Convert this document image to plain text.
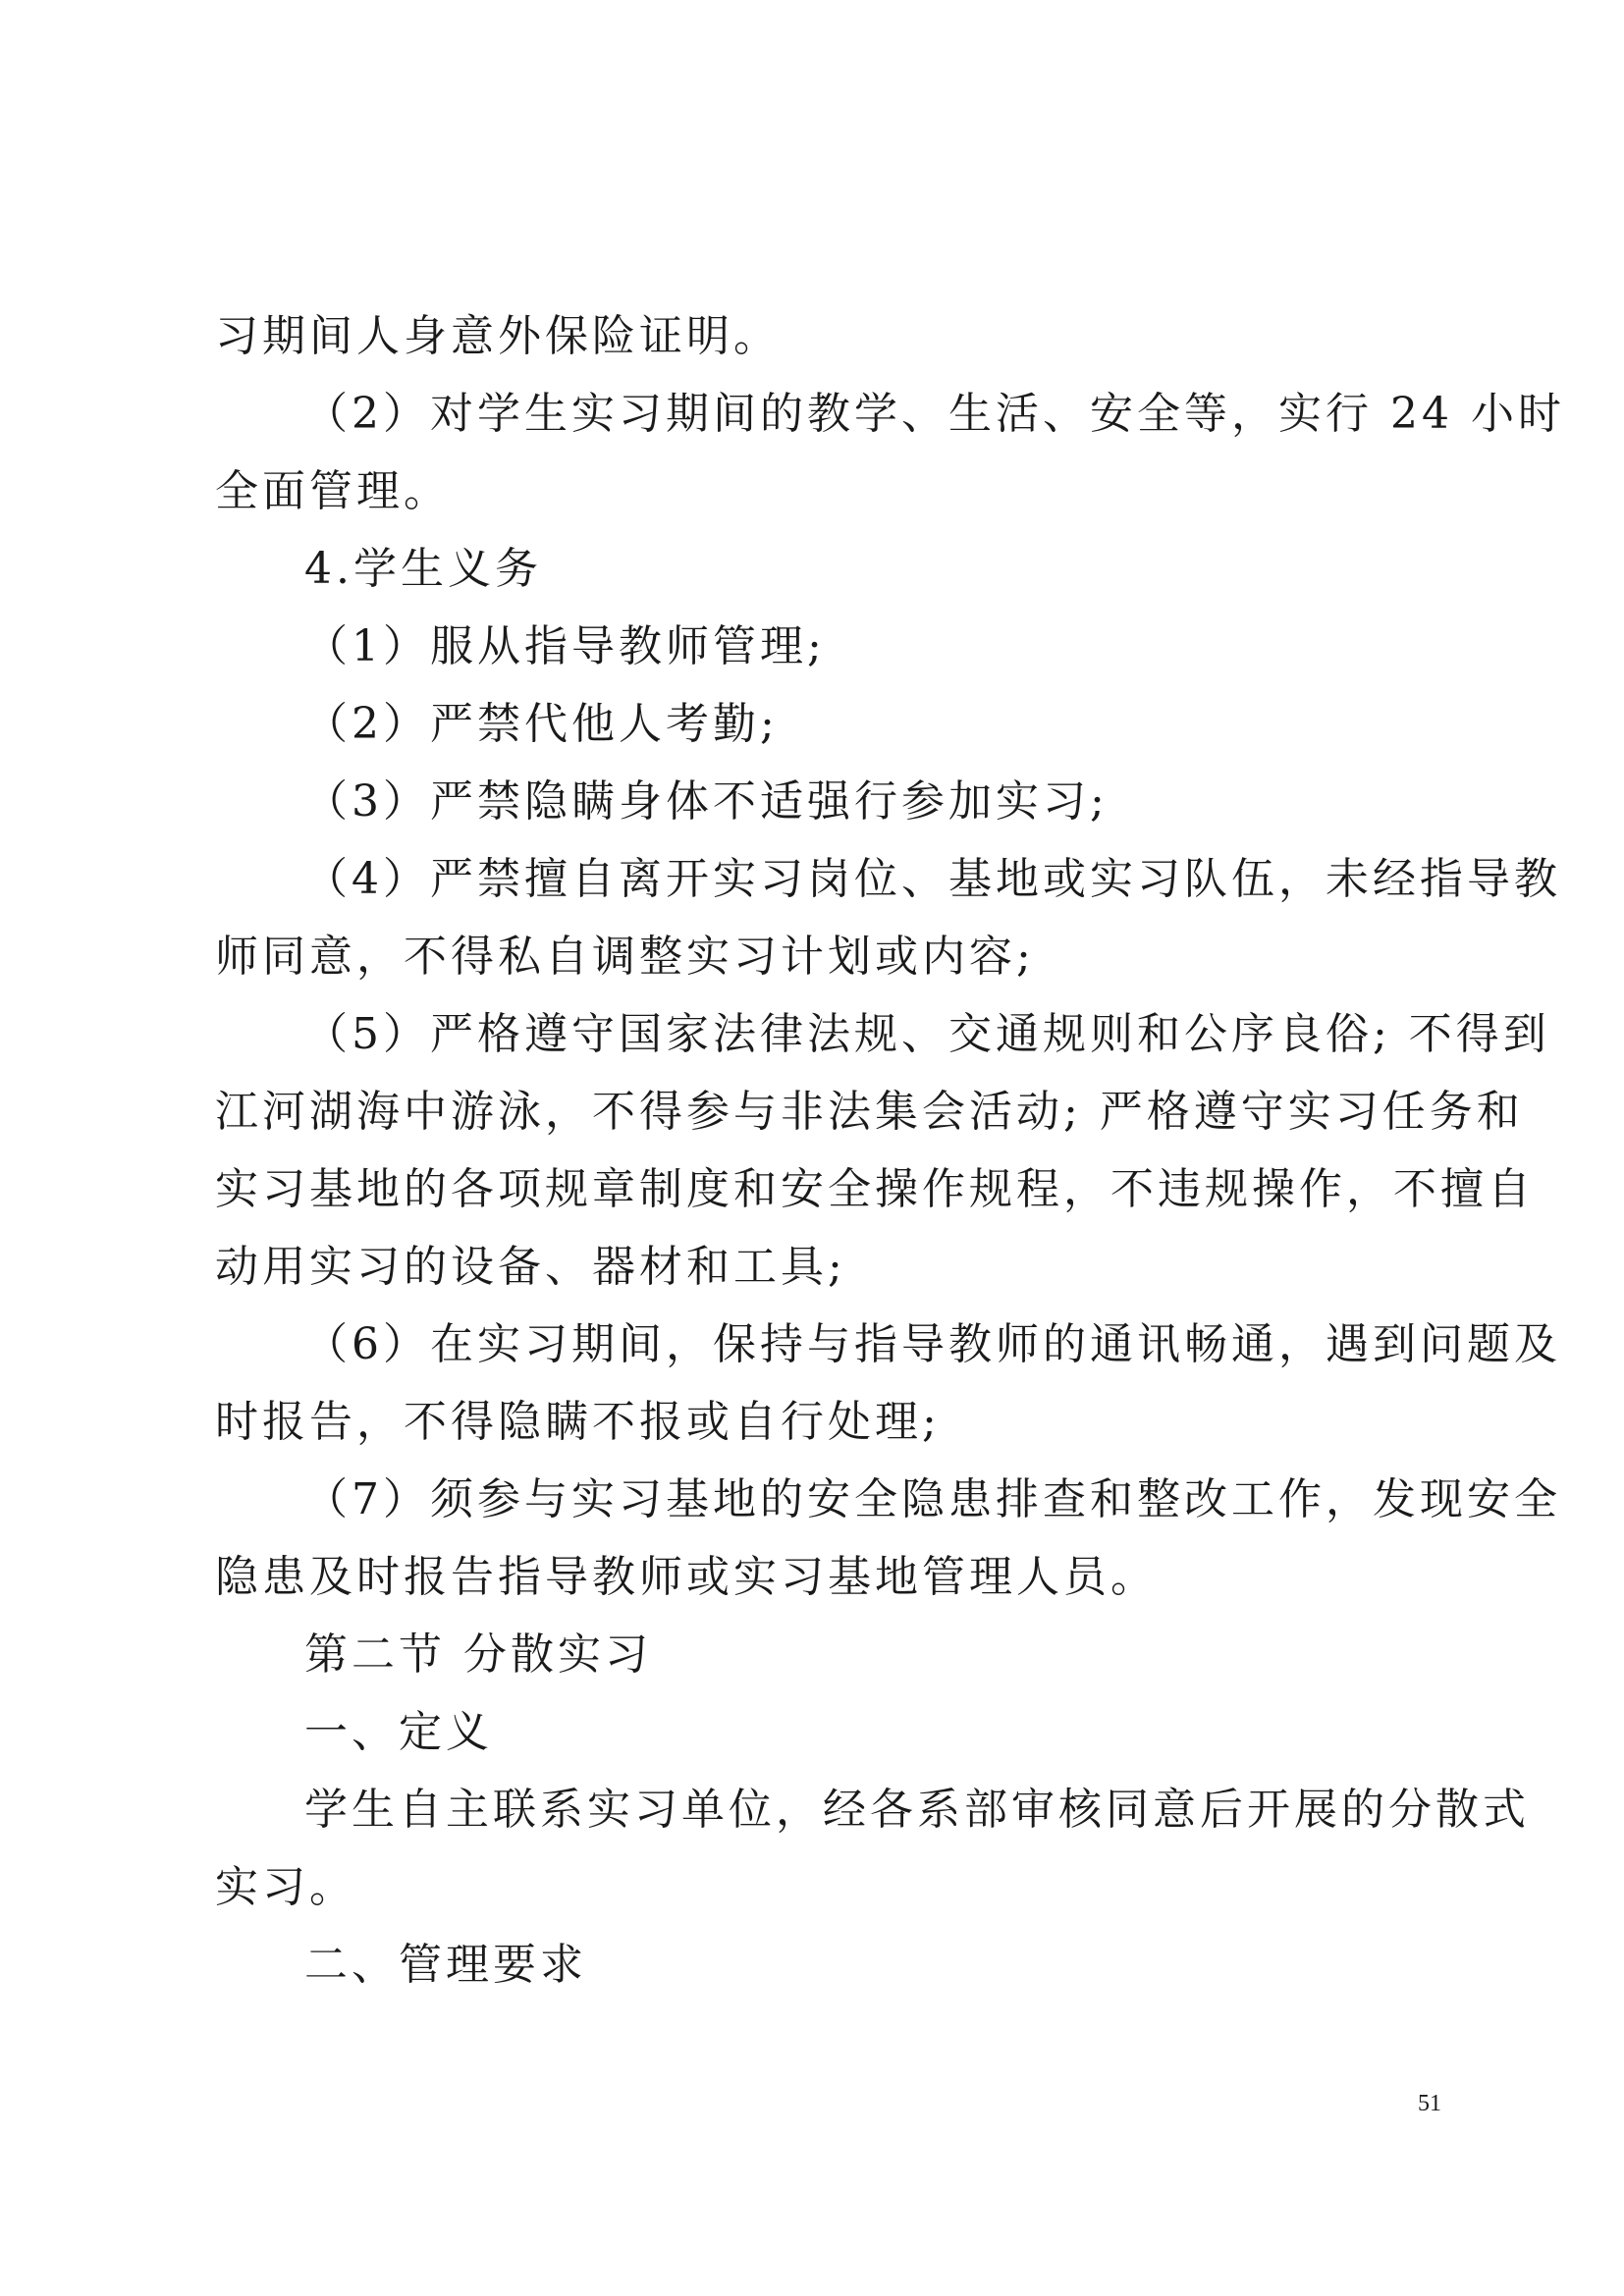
习期间人身意外保险证明。
（2）对学生实习期间的教学、生活、安全等，实行 24 小时
全面管理。
4.学生义务
（1）服从指导教师管理;
（2）严禁代他人考勤;
（3）严禁隐瞒身体不适强行参加实习;
（4）严禁擅自离开实习岗位、基地或实习队伍，未经指导教
师同意，不得私自调整实习计划或内容;
（5）严格遵守国家法律法规、交通规则和公序良俗; 不得到
江河湖海中游泳，不得参与非法集会活动; 严格遵守实习任务和
实习基地的各项规章制度和安全操作规程，不违规操作，不擅自
动用实习的设备、器材和工具;
（6）在实习期间，保持与指导教师的通讯畅通，遇到问题及
时报告，不得隐瞒不报或自行处理;
（7）须参与实习基地的安全隐患排查和整改工作，发现安全
隐患及时报告指导教师或实习基地管理人员。
第二节 分散实习
一、定义
学生自主联系实习单位，经各系部审核同意后开展的分散式
实习。
二、管理要求
51
